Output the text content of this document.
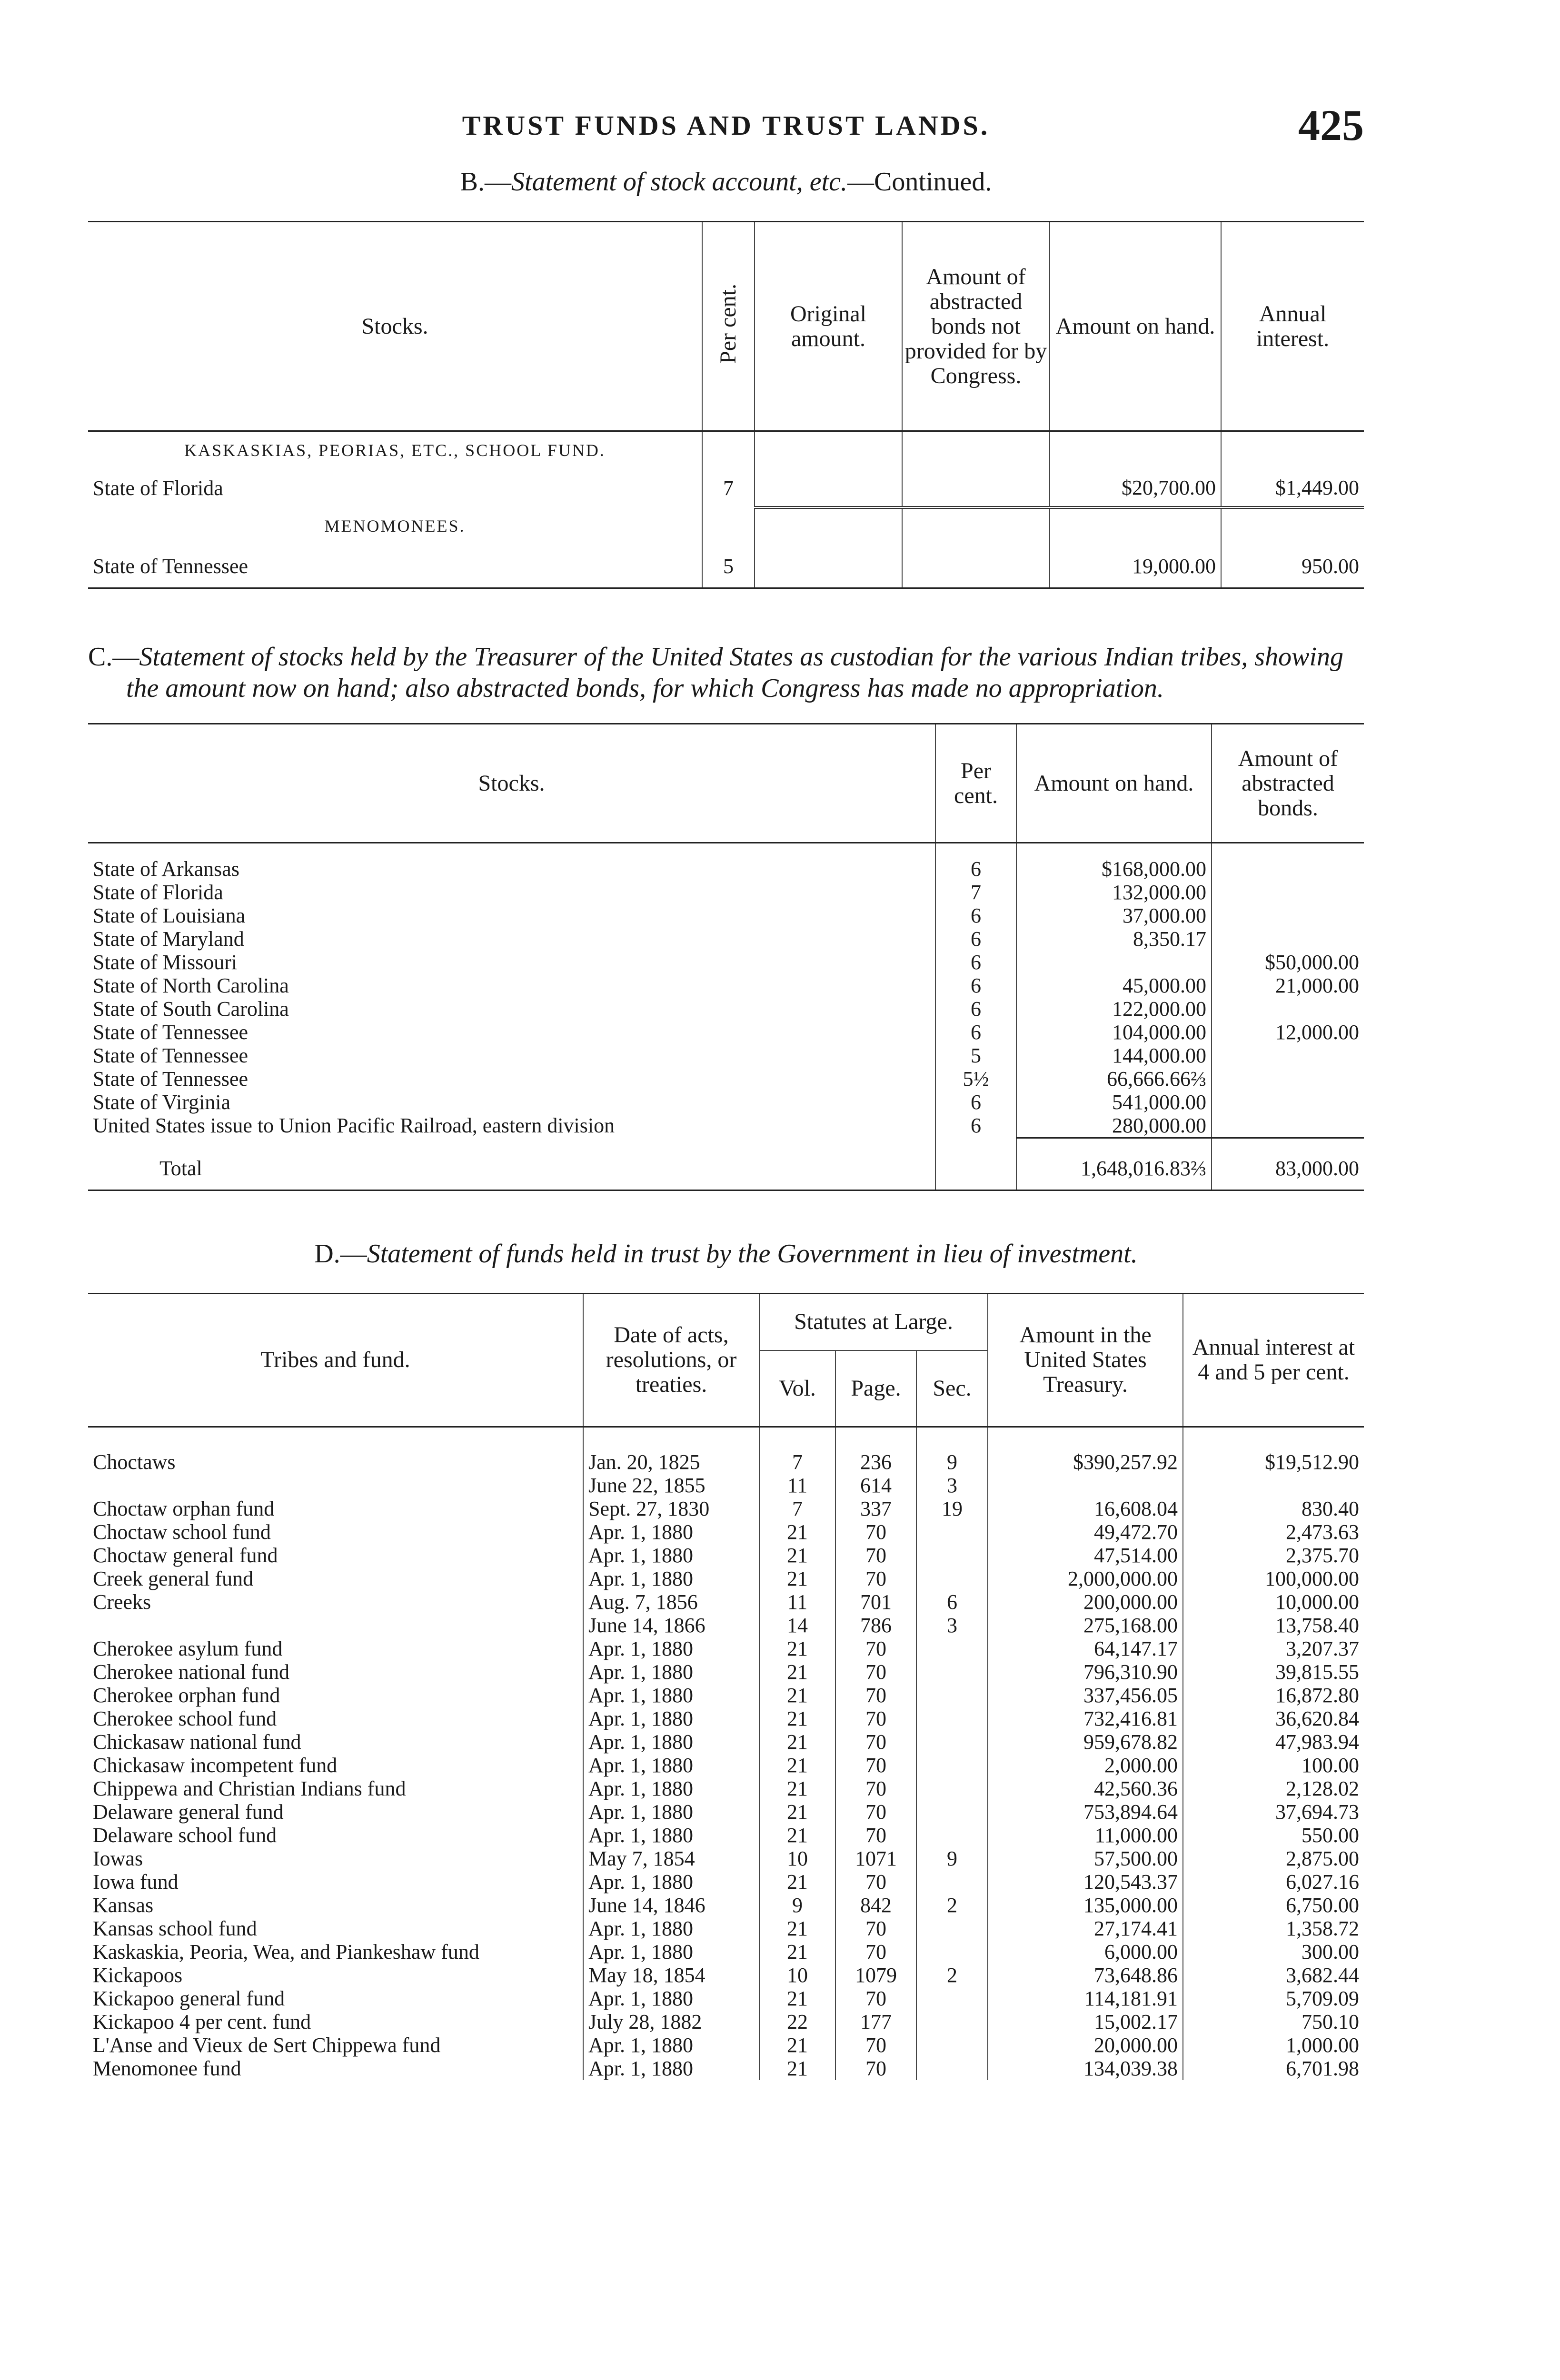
TRUST FUNDS AND TRUST LANDS.	425
B.—Statement of stock account, etc.—Continued.
Stocks.	Per cent.	Original amount.	Amount of abstracted bonds not provided for by Congress.	Amount on hand.	Annual interest.
KASKASKIAS, PEORIAS, ETC., SCHOOL FUND.					
State of Florida	7			$20,700.00	$1,449.00
MENOMONEES.					
State of Tennessee	5			19,000.00	950.00
C.—Statement of stocks held by the Treasurer of the United States as custodian for the various Indian tribes, showing the amount now on hand; also abstracted bonds, for which Congress has made no appropriation.
Stocks.	Per cent.	Amount on hand.	Amount of abstracted bonds.

State of Arkansas	6	$168,000.00	
State of Florida	7	132,000.00	
State of Louisiana	6	37,000.00	
State of Maryland	6	8,350.17	
State of Missouri	6		$50,000.00
State of North Carolina	6	45,000.00	21,000.00
State of South Carolina	6	122,000.00	
State of Tennessee	6	104,000.00	12,000.00
State of Tennessee	5	144,000.00	
State of Tennessee	5½	66,666.66⅔	
State of Virginia	6	541,000.00	
United States issue to Union Pacific Railroad, eastern division	6	280,000.00	

Total		1,648,016.83⅔	83,000.00
D.—Statement of funds held in trust by the Government in lieu of investment.
Tribes and fund.	Date of acts, resolutions, or treaties.	Statutes at Large.			Amount in the United States Treasury.	Annual interest at 4 and 5 per cent.
		Vol.	Page.	Sec.		

Choctaws	Jan. 20, 1825	7	236	9	$390,257.92	$19,512.90
	June 22, 1855	11	614	3		
Choctaw orphan fund	Sept. 27, 1830	7	337	19	16,608.04	830.40
Choctaw school fund	Apr. 1, 1880	21	70		49,472.70	2,473.63
Choctaw general fund	Apr. 1, 1880	21	70		47,514.00	2,375.70
Creek general fund	Apr. 1, 1880	21	70		2,000,000.00	100,000.00
Creeks	Aug. 7, 1856	11	701	6	200,000.00	10,000.00
	June 14, 1866	14	786	3	275,168.00	13,758.40
Cherokee asylum fund	Apr. 1, 1880	21	70		64,147.17	3,207.37
Cherokee national fund	Apr. 1, 1880	21	70		796,310.90	39,815.55
Cherokee orphan fund	Apr. 1, 1880	21	70		337,456.05	16,872.80
Cherokee school fund	Apr. 1, 1880	21	70		732,416.81	36,620.84
Chickasaw national fund	Apr. 1, 1880	21	70		959,678.82	47,983.94
Chickasaw incompetent fund	Apr. 1, 1880	21	70		2,000.00	100.00
Chippewa and Christian Indians fund	Apr. 1, 1880	21	70		42,560.36	2,128.02
Delaware general fund	Apr. 1, 1880	21	70		753,894.64	37,694.73
Delaware school fund	Apr. 1, 1880	21	70		11,000.00	550.00
Iowas	May 7, 1854	10	1071	9	57,500.00	2,875.00
Iowa fund	Apr. 1, 1880	21	70		120,543.37	6,027.16
Kansas	June 14, 1846	9	842	2	135,000.00	6,750.00
Kansas school fund	Apr. 1, 1880	21	70		27,174.41	1,358.72
Kaskaskia, Peoria, Wea, and Piankeshaw fund	Apr. 1, 1880	21	70		6,000.00	300.00
Kickapoos	May 18, 1854	10	1079	2	73,648.86	3,682.44
Kickapoo general fund	Apr. 1, 1880	21	70		114,181.91	5,709.09
Kickapoo 4 per cent. fund	July 28, 1882	22	177		15,002.17	750.10
L'Anse and Vieux de Sert Chippewa fund	Apr. 1, 1880	21	70		20,000.00	1,000.00
Menomonee fund	Apr. 1, 1880	21	70		134,039.38	6,701.98
